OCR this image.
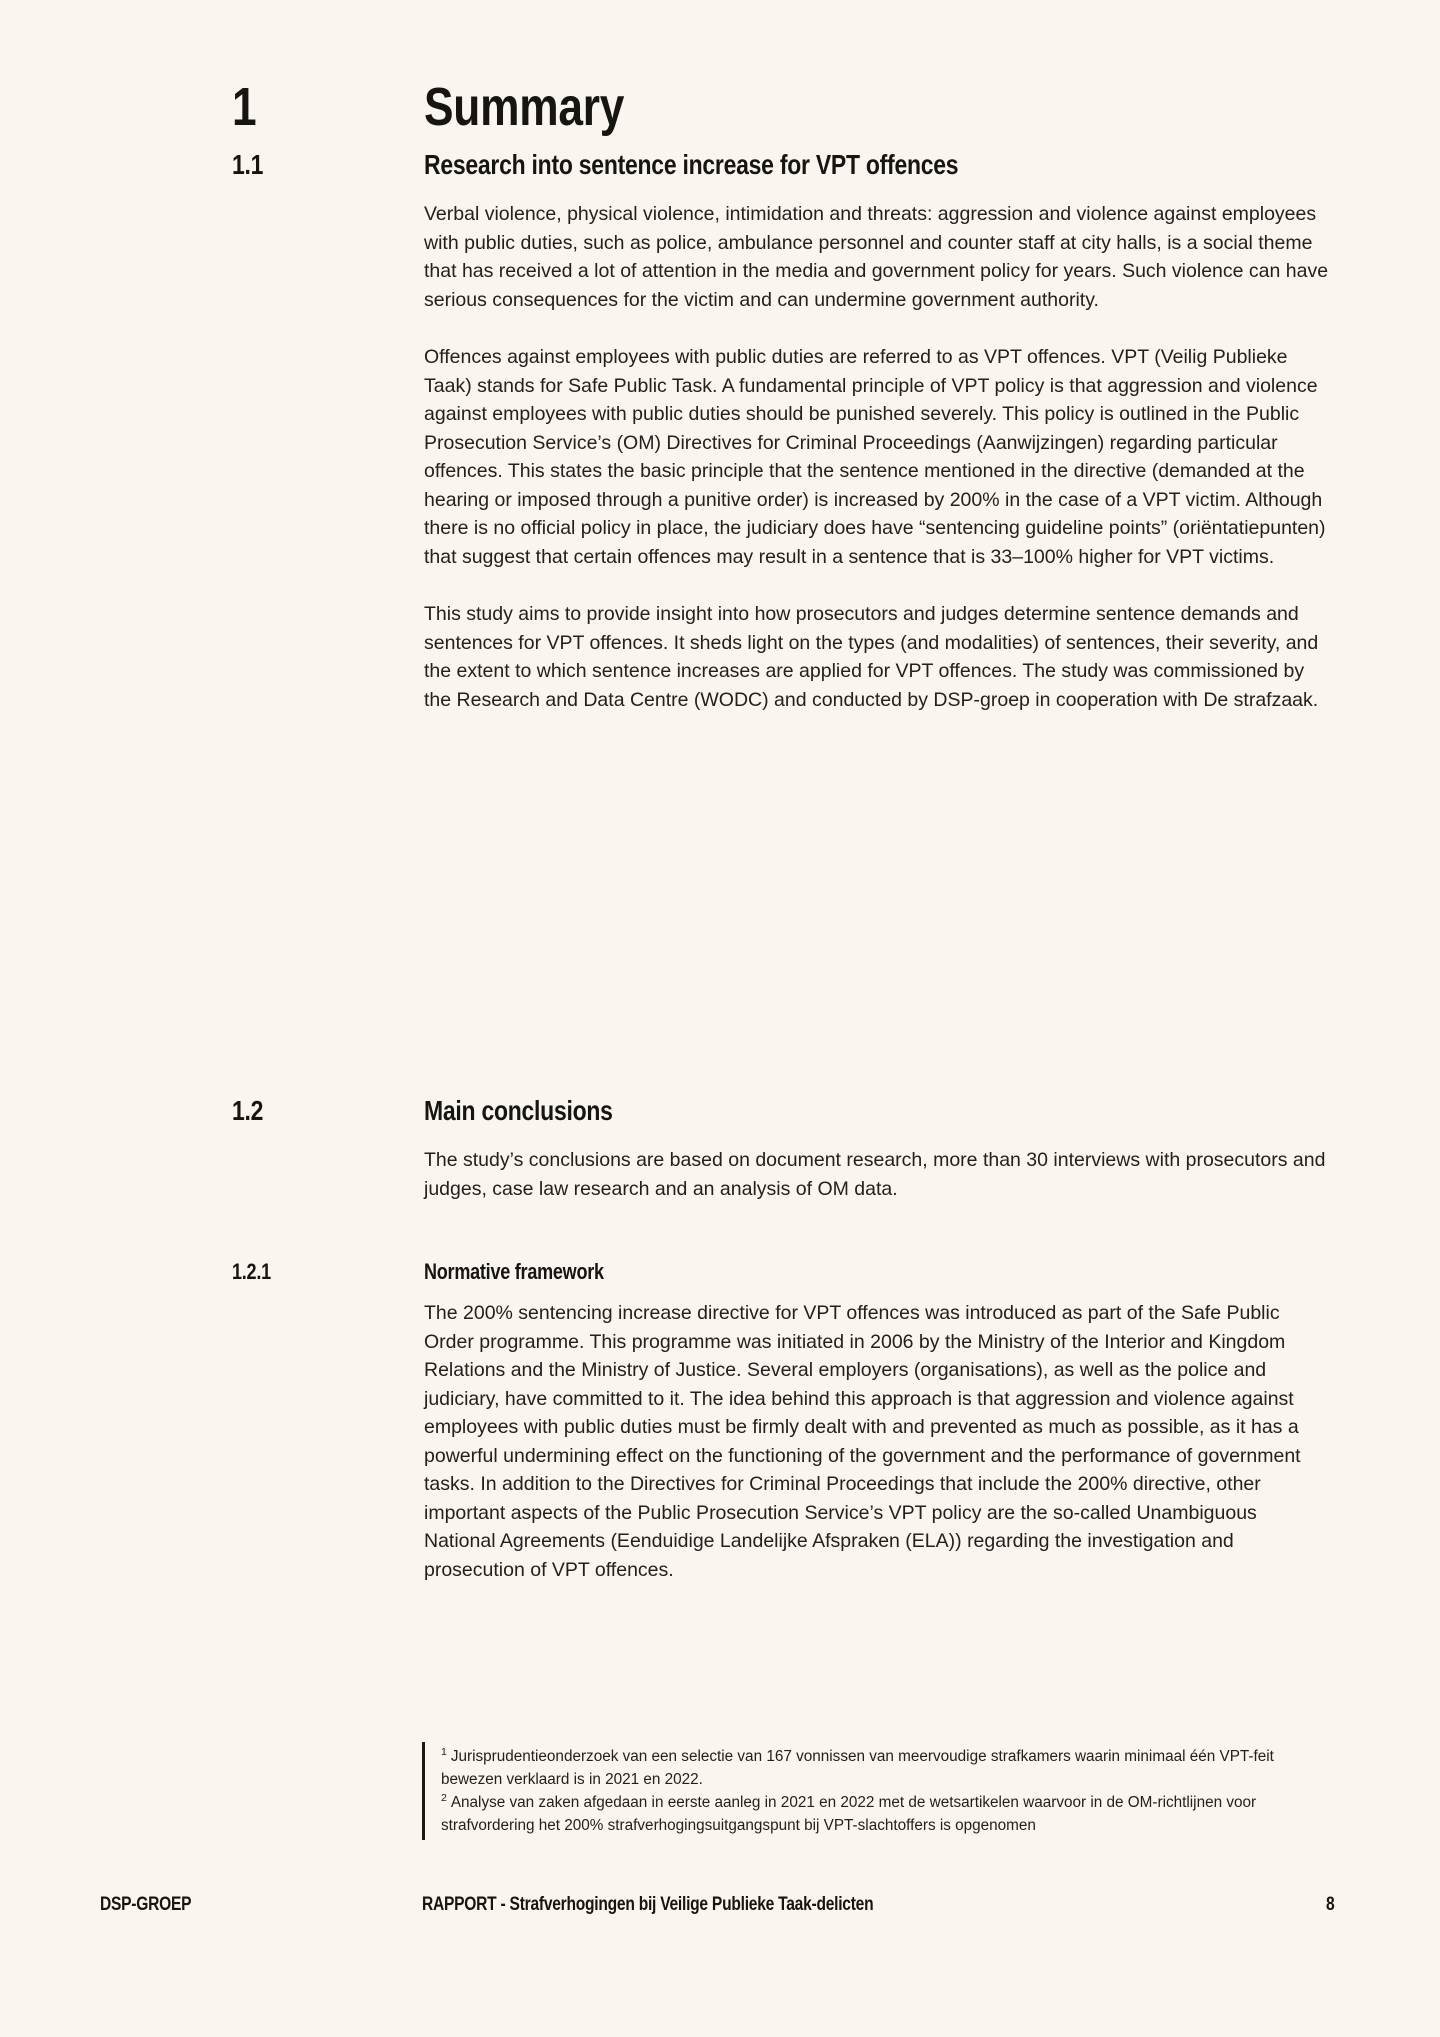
1	Summary
1.1	Research into sentence increase for VPT offences

Verbal violence, physical violence, intimidation and threats: aggression and violence against employees with public duties, such as police, ambulance personnel and counter staff at city halls, is a social theme that has received a lot of attention in the media and government policy for years. Such violence can have serious consequences for the victim and can undermine government authority.

Offences against employees with public duties are referred to as VPT offences. VPT (Veilig Publieke Taak) stands for Safe Public Task. A fundamental principle of VPT policy is that aggression and violence against employees with public duties should be punished severely. This policy is outlined in the Public Prosecution Service’s (OM) Directives for Criminal Proceedings (Aanwijzingen) regarding particular offences. This states the basic principle that the sentence mentioned in the directive (demanded at the hearing or imposed through a punitive order) is increased by 200% in the case of a VPT victim. Although there is no official policy in place, the judiciary does have “sentencing guideline points” (oriëntatiepunten) that suggest that certain offences may result in a sentence that is 33–100% higher for VPT victims.

This study aims to provide insight into how prosecutors and judges determine sentence demands and sentences for VPT offences. It sheds light on the types (and modalities) of sentences, their severity, and the extent to which sentence increases are applied for VPT offences. The study was commissioned by the Research and Data Centre (WODC) and conducted by DSP-groep in cooperation with De strafzaak.

1.2	Main conclusions

The study’s conclusions are based on document research, more than 30 interviews with prosecutors and judges, case law research and an analysis of OM data.

1.2.1	Normative framework

The 200% sentencing increase directive for VPT offences was introduced as part of the Safe Public Order programme. This programme was initiated in 2006 by the Ministry of the Interior and Kingdom Relations and the Ministry of Justice. Several employers (organisations), as well as the police and judiciary, have committed to it. The idea behind this approach is that aggression and violence against employees with public duties must be firmly dealt with and prevented as much as possible, as it has a powerful undermining effect on the functioning of the government and the performance of government tasks. In addition to the Directives for Criminal Proceedings that include the 200% directive, other important aspects of the Public Prosecution Service’s VPT policy are the so-called Unambiguous National Agreements (Eenduidige Landelijke Afspraken (ELA)) regarding the investigation and prosecution of VPT offences.

$^1$ Jurisprudentieonderzoek van een selectie van 167 vonnissen van meervoudige strafkamers waarin minimaal één VPT-feit bewezen verklaard is in 2021 en 2022.

$^2$ Analyse van zaken afgedaan in eerste aanleg in 2021 en 2022 met de wetsartikelen waarvoor in de OM-richtlijnen voor strafvordering het 200% strafverhogingsuitgangspunt bij VPT-slachtoffers is opgenomen

DSP-GROEP	RAPPORT - Strafverhogingen bij Veilige Publieke Taak-delicten	8
